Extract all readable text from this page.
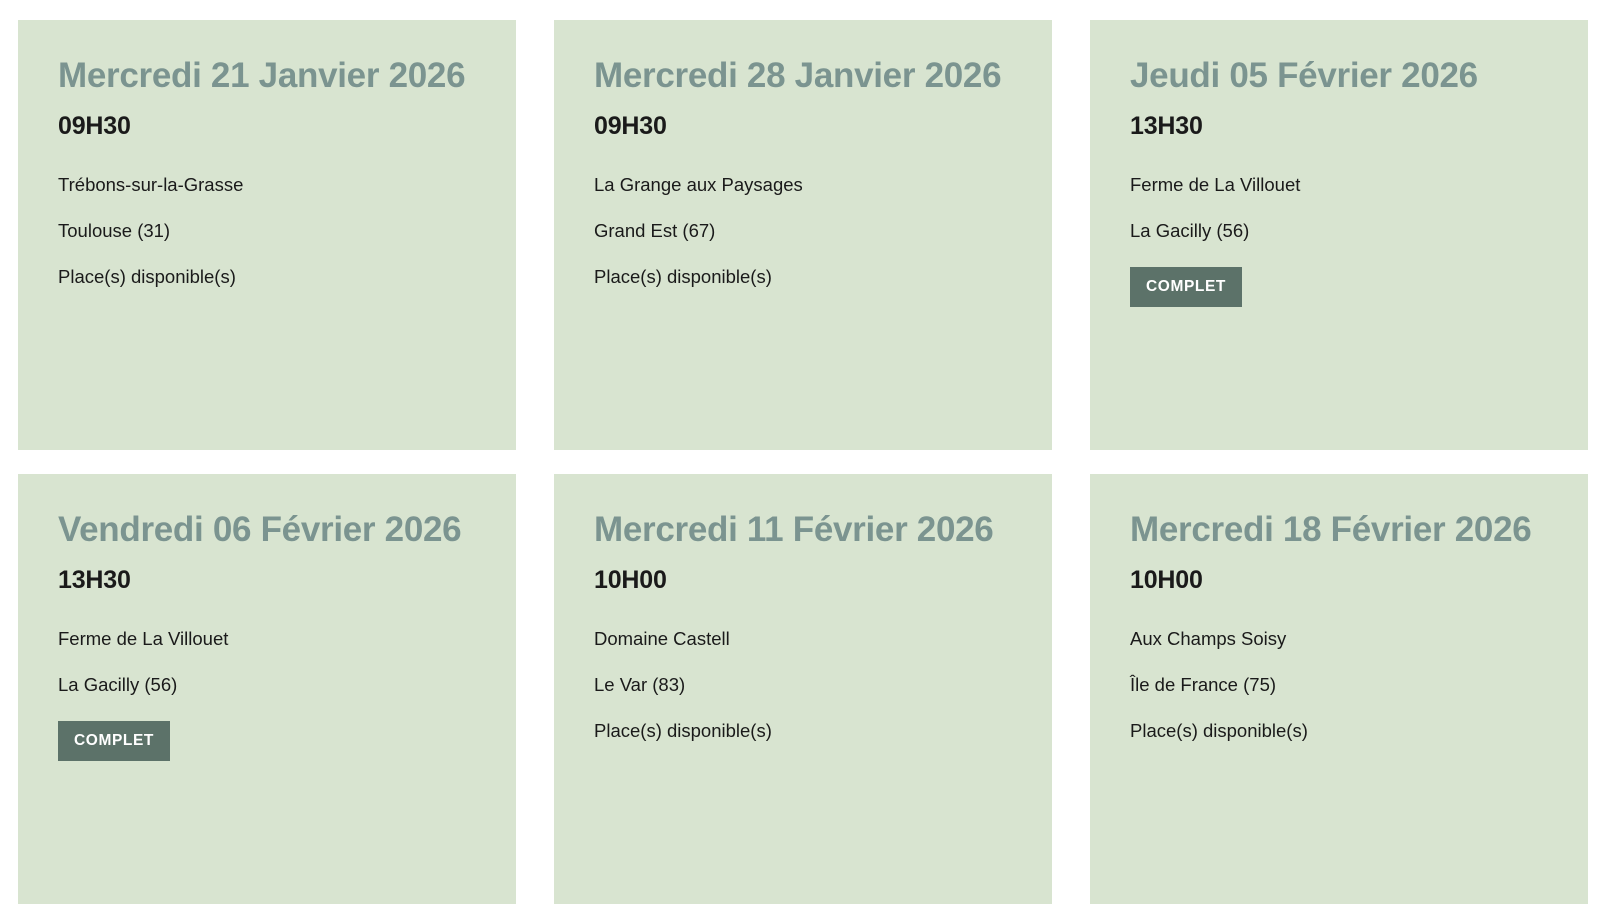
Mercredi 21 Janvier 2026
09H30
Trébons-sur-la-Grasse
Toulouse (31)
Place(s) disponible(s)
Mercredi 28 Janvier 2026
09H30
La Grange aux Paysages
Grand Est (67)
Place(s) disponible(s)
Jeudi 05 Février 2026
13H30
Ferme de La Villouet
La Gacilly (56)
COMPLET
Vendredi 06 Février 2026
13H30
Ferme de La Villouet
La Gacilly (56)
COMPLET
Mercredi 11 Février 2026
10H00
Domaine Castell
Le Var (83)
Place(s) disponible(s)
Mercredi 18 Février 2026
10H00
Aux Champs Soisy
Île de France (75)
Place(s) disponible(s)
